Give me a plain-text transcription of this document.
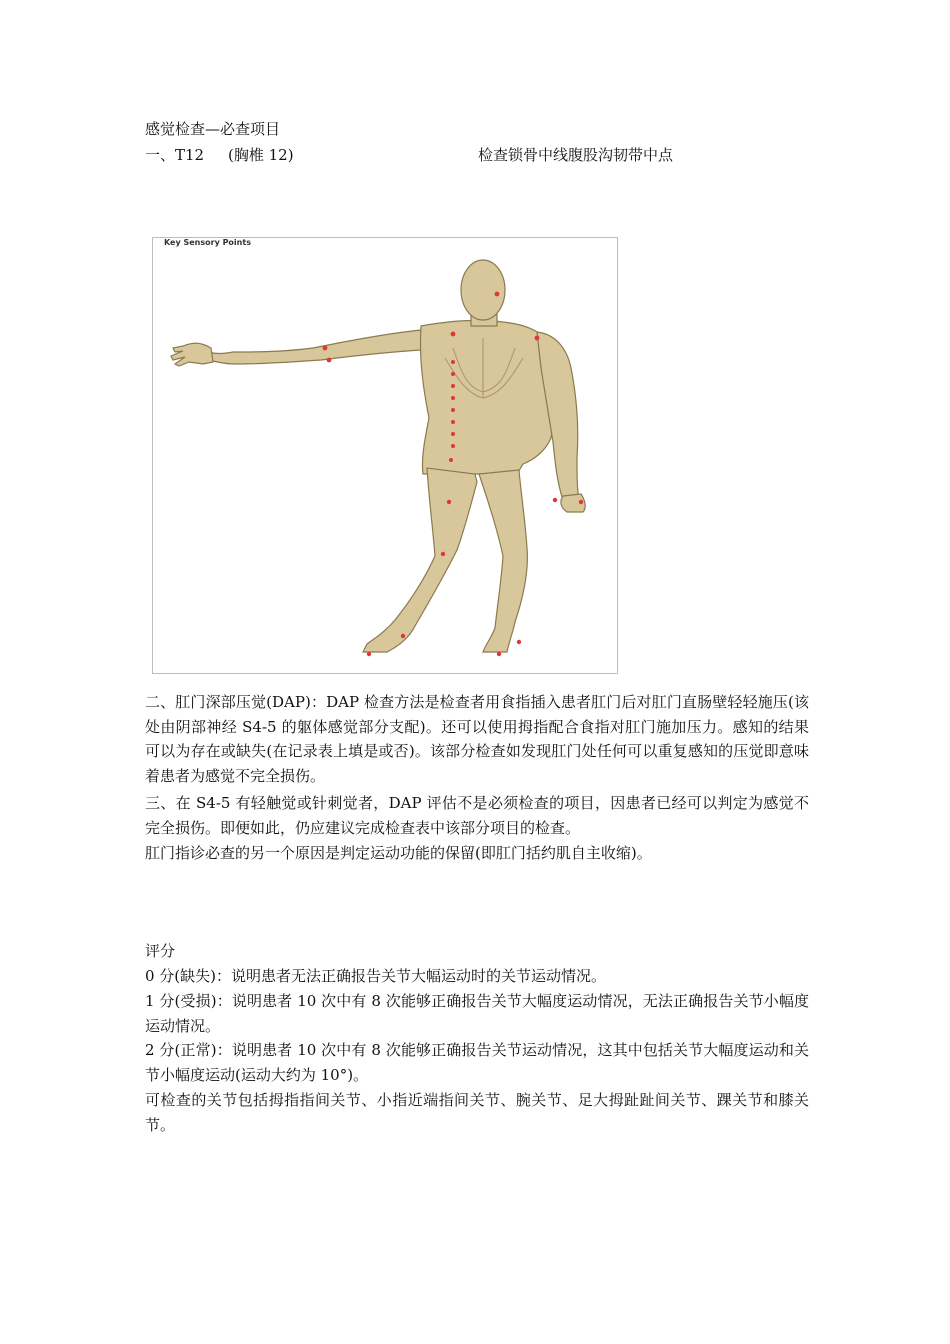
感觉检查—必查项目
一、T12 (胸椎 12)	检查锁骨中线腹股沟韧带中点
Key Sensory Points
二、肛门深部压觉(DAP)：DAP 检查方法是检查者用食指插入患者肛门后对肛门直肠壁轻轻施压(该处由阴部神经 S4-5 的躯体感觉部分支配)。还可以使用拇指配合食指对肛门施加压力。感知的结果可以为存在或缺失(在记录表上填是或否)。该部分检查如发现肛门处任何可以重复感知的压觉即意味着患者为感觉不完全损伤。
三、在 S4-5 有轻触觉或针刺觉者，DAP 评估不是必须检查的项目，因患者已经可以判定为感觉不完全损伤。即便如此，仍应建议完成检查表中该部分项目的检查。
肛门指诊必查的另一个原因是判定运动功能的保留(即肛门括约肌自主收缩)。
评分
0 分(缺失)：说明患者无法正确报告关节大幅运动时的关节运动情况。
1 分(受损)：说明患者 10 次中有 8 次能够正确报告关节大幅度运动情况，无法正确报告关节小幅度运动情况。
2 分(正常)：说明患者 10 次中有 8 次能够正确报告关节运动情况，这其中包括关节大幅度运动和关节小幅度运动(运动大约为 10°)。
可检查的关节包括拇指指间关节、小指近端指间关节、腕关节、足大拇趾趾间关节、踝关节和膝关节。
